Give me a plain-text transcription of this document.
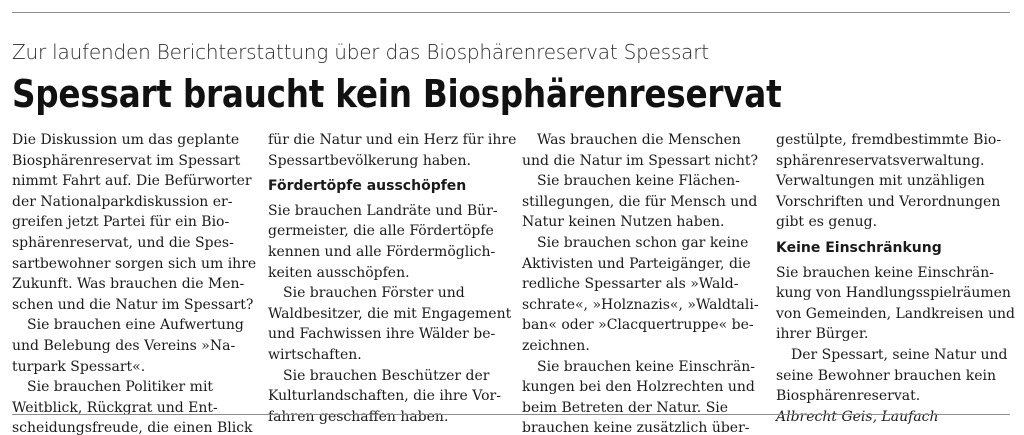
Zur laufenden Berichterstattung über das Biosphärenreservat Spessart

Spessart braucht kein Biosphärenreservat
Die Diskussion um das geplante
Biosphärenreservat im Spessart
nimmt Fahrt auf. Die Befürworter
der Nationalparkdiskussion er-
greifen jetzt Partei für ein Bio-
sphärenreservat, und die Spes-
sartbewohner sorgen sich um ihre
Zukunft. Was brauchen die Men-
schen und die Natur im Spessart?
Sie brauchen eine Aufwertung
und Belebung des Vereins »Na-
turpark Spessart«.
Sie brauchen Politiker mit
Weitblick, Rückgrat und Ent-
scheidungsfreude, die einen Blick
für die Natur und ein Herz für ihre
Spessartbevölkerung haben.
Fördertöpfe ausschöpfen
Sie brauchen Landräte und Bür-
germeister, die alle Fördertöpfe
kennen und alle Fördermöglich-
keiten ausschöpfen.
Sie brauchen Förster und
Waldbesitzer, die mit Engagement
und Fachwissen ihre Wälder be-
wirtschaften.
Sie brauchen Beschützer der
Kulturlandschaften, die ihre Vor-
fahren geschaffen haben.
Was brauchen die Menschen
und die Natur im Spessart nicht?
Sie brauchen keine Flächen-
stillegungen, die für Mensch und
Natur keinen Nutzen haben.
Sie brauchen schon gar keine
Aktivisten und Parteigänger, die
redliche Spessarter als »Wald-
schrate«, »Holznazis«, »Waldtali-
ban« oder »Clacquertruppe« be-
zeichnen.
Sie brauchen keine Einschrän-
kungen bei den Holzrechten und
beim Betreten der Natur. Sie
brauchen keine zusätzlich über-
gestülpte, fremdbestimmte Bio-
sphärenreservatsverwaltung.
Verwaltungen mit unzähligen
Vorschriften und Verordnungen
gibt es genug.
Keine Einschränkung
Sie brauchen keine Einschrän-
kung von Handlungsspielräumen
von Gemeinden, Landkreisen und
ihrer Bürger.
Der Spessart, seine Natur und
seine Bewohner brauchen kein
Biosphärenreservat.
Albrecht Geis, Laufach
